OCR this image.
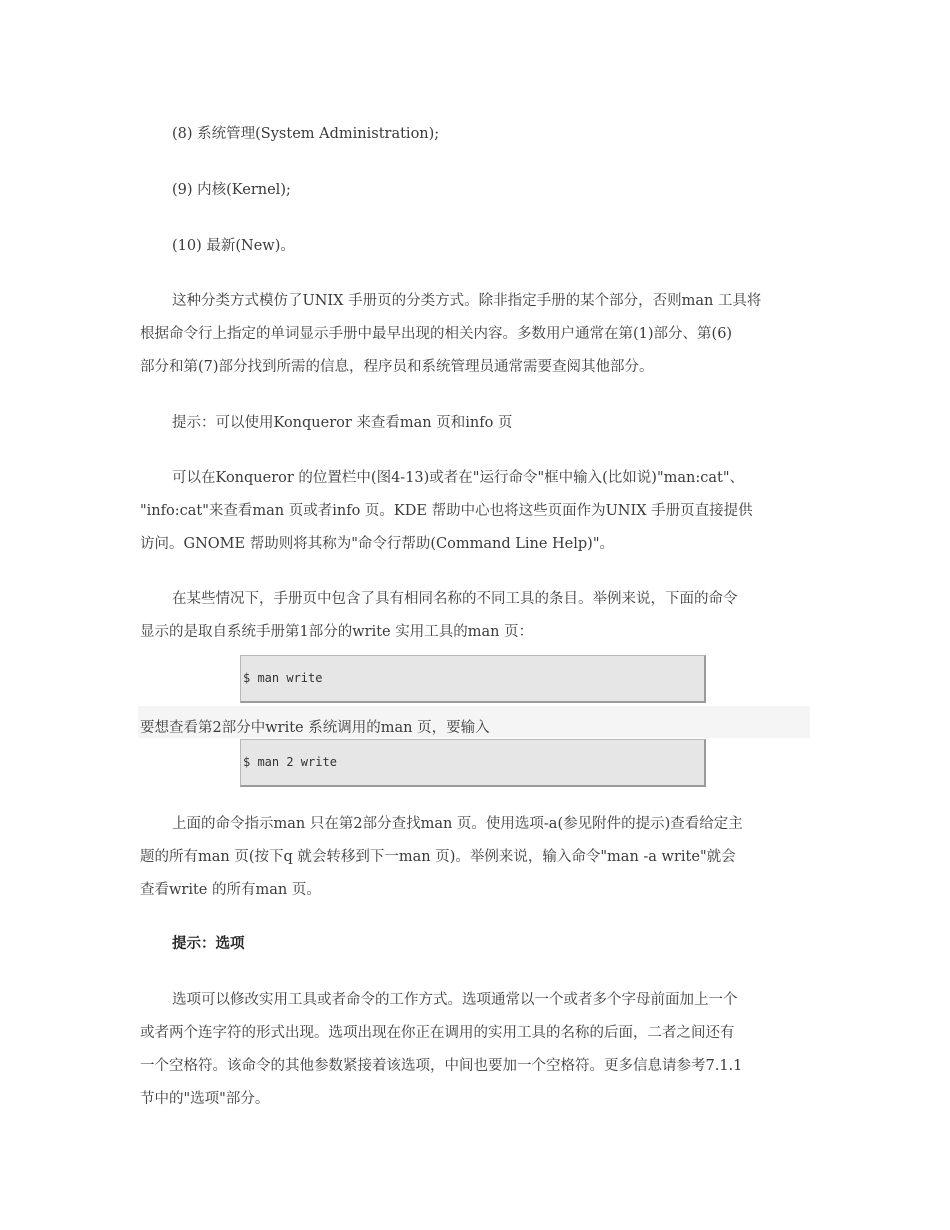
(8) 系统管理(System Administration);
(9) 内核(Kernel);
(10) 最新(New)。
这种分类方式模仿了UNIX 手册页的分类方式。除非指定手册的某个部分，否则man 工具将
根据命令行上指定的单词显示手册中最早出现的相关内容。多数用户通常在第(1)部分、第(6)
部分和第(7)部分找到所需的信息，程序员和系统管理员通常需要查阅其他部分。
提示：可以使用Konqueror 来查看man 页和info 页
可以在Konqueror 的位置栏中(图4-13)或者在"运行命令"框中输入(比如说)"man:cat"、
"info:cat"来查看man 页或者info 页。KDE 帮助中心也将这些页面作为UNIX 手册页直接提供
访问。GNOME 帮助则将其称为"命令行帮助(Command Line Help)"。
在某些情况下，手册页中包含了具有相同名称的不同工具的条目。举例来说，下面的命令
显示的是取自系统手册第1部分的write 实用工具的man 页：
$ man write
要想查看第2部分中write 系统调用的man 页，要输入
$ man 2 write
上面的命令指示man 只在第2部分查找man 页。使用选项-a(参见附件的提示)查看给定主
题的所有man 页(按下q 就会转移到下一man 页)。举例来说，输入命令"man -a write"就会
查看write 的所有man 页。
提示：选项
选项可以修改实用工具或者命令的工作方式。选项通常以一个或者多个字母前面加上一个
或者两个连字符的形式出现。选项出现在你正在调用的实用工具的名称的后面，二者之间还有
一个空格符。该命令的其他参数紧接着该选项，中间也要加一个空格符。更多信息请参考7.1.1
节中的"选项"部分。
